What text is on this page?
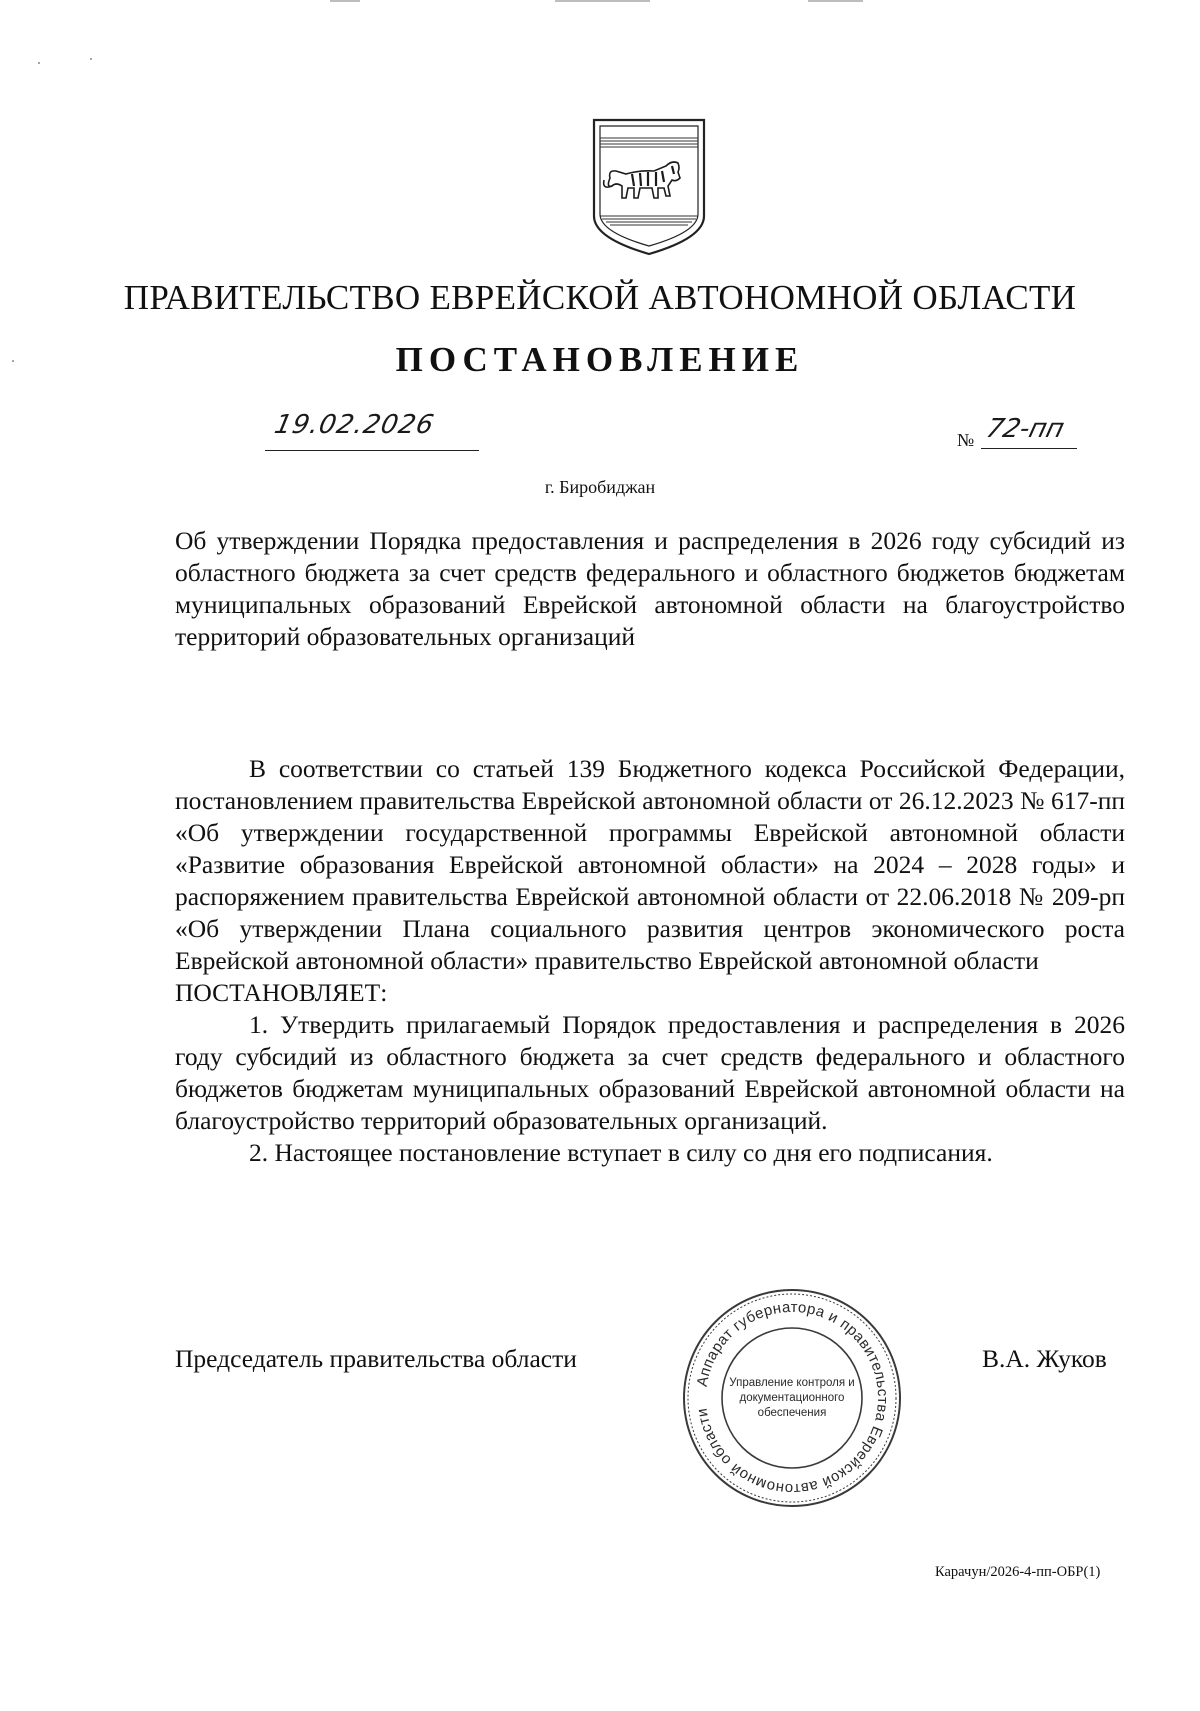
ПРАВИТЕЛЬСТВО ЕВРЕЙСКОЙ АВТОНОМНОЙ ОБЛАСТИ
ПОСТАНОВЛЕНИЕ
19.02.2026	№ 72-пп
г. Биробиджан
Об утверждении Порядка предоставления и распределения в 2026 году субсидий из областного бюджета за счет средств федерального и областного бюджетов бюджетам муниципальных образований Еврейской автономной области на благоустройство территорий образовательных организаций

В соответствии со статьей 139 Бюджетного кодекса Российской Федерации, постановлением правительства Еврейской автономной области от 26.12.2023 № 617-пп «Об утверждении государственной программы Еврейской автономной области «Развитие образования Еврейской автономной области» на 2024 – 2028 годы» и распоряжением правительства Еврейской автономной области от 22.06.2018 № 209-рп «Об утверждении Плана социального развития центров экономического роста Еврейской автономной области» правительство Еврейской автономной области

ПОСТАНОВЛЯЕТ:

1. Утвердить прилагаемый Порядок предоставления и распределения в 2026 году субсидий из областного бюджета за счет средств федерального и областного бюджетов бюджетам муниципальных образований Еврейской автономной области на благоустройство территорий образовательных организаций.

2. Настоящее постановление вступает в силу со дня его подписания.

Председатель правительства области	В.А. Жуков
Аппарат губернатора и правительства Еврейской автономной области
Управление контроля и
документационного
обеспечения
Карачун/2026-4-пп-ОБР(1)
